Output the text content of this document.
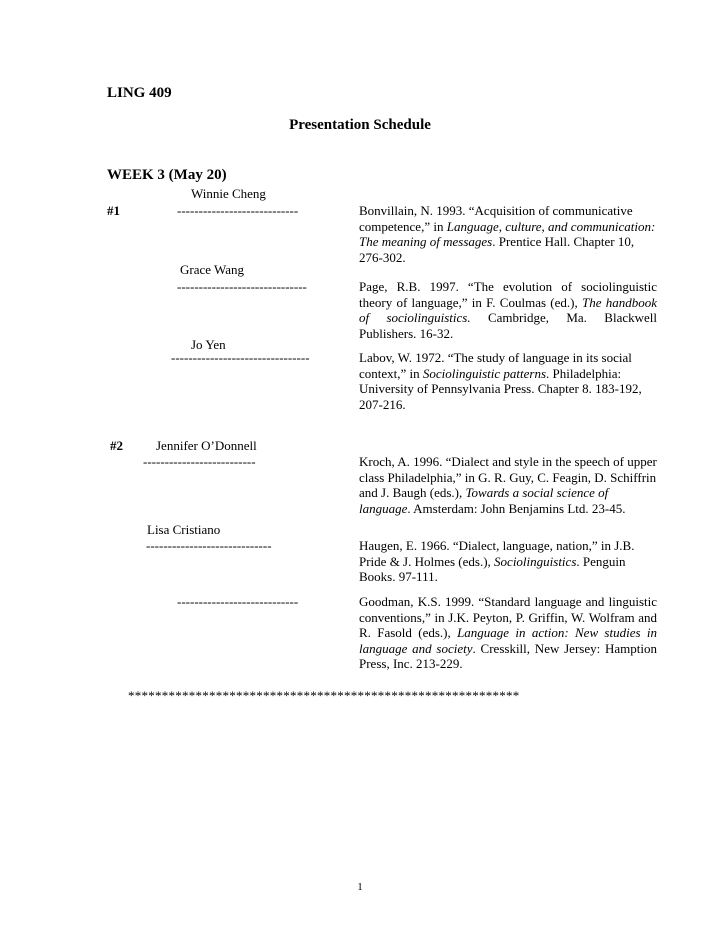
LING 409
Presentation Schedule
WEEK 3 (May 20)
#1
Winnie Cheng
----------------------------	Bonvillain, N. 1993. “Acquisition of communicative competence,” in Language, culture, and communication: The meaning of messages. Prentice Hall. Chapter 10, 276-302.
Grace Wang
------------------------------	Page, R.B. 1997. “The evolution of sociolinguistic theory of language,” in F. Coulmas (ed.), The handbook of sociolinguistics. Cambridge, Ma. Blackwell Publishers. 16-32.
Jo Yen
--------------------------------	Labov, W. 1972. “The study of language in its social context,” in Sociolinguistic patterns. Philadelphia: University of Pennsylvania Press. Chapter 8. 183-192, 207-216.
#2	Jennifer O’Donnell
--------------------------	Kroch, A. 1996. “Dialect and style in the speech of upper class Philadelphia,” in G. R. Guy, C. Feagin, D. Schiffrin and J. Baugh (eds.), Towards a social science of language. Amsterdam: John Benjamins Ltd. 23-45.
Lisa Cristiano
-----------------------------	Haugen, E. 1966. “Dialect, language, nation,” in J.B. Pride & J. Holmes (eds.), Sociolinguistics. Penguin Books. 97-111.
----------------------------	Goodman, K.S. 1999. “Standard language and linguistic conventions,” in J.K. Peyton, P. Griffin, W. Wolfram and R. Fasold (eds.), Language in action: New studies in language and society. Cresskill, New Jersey: Hamption Press, Inc. 213-229.
**********************************************************
1
